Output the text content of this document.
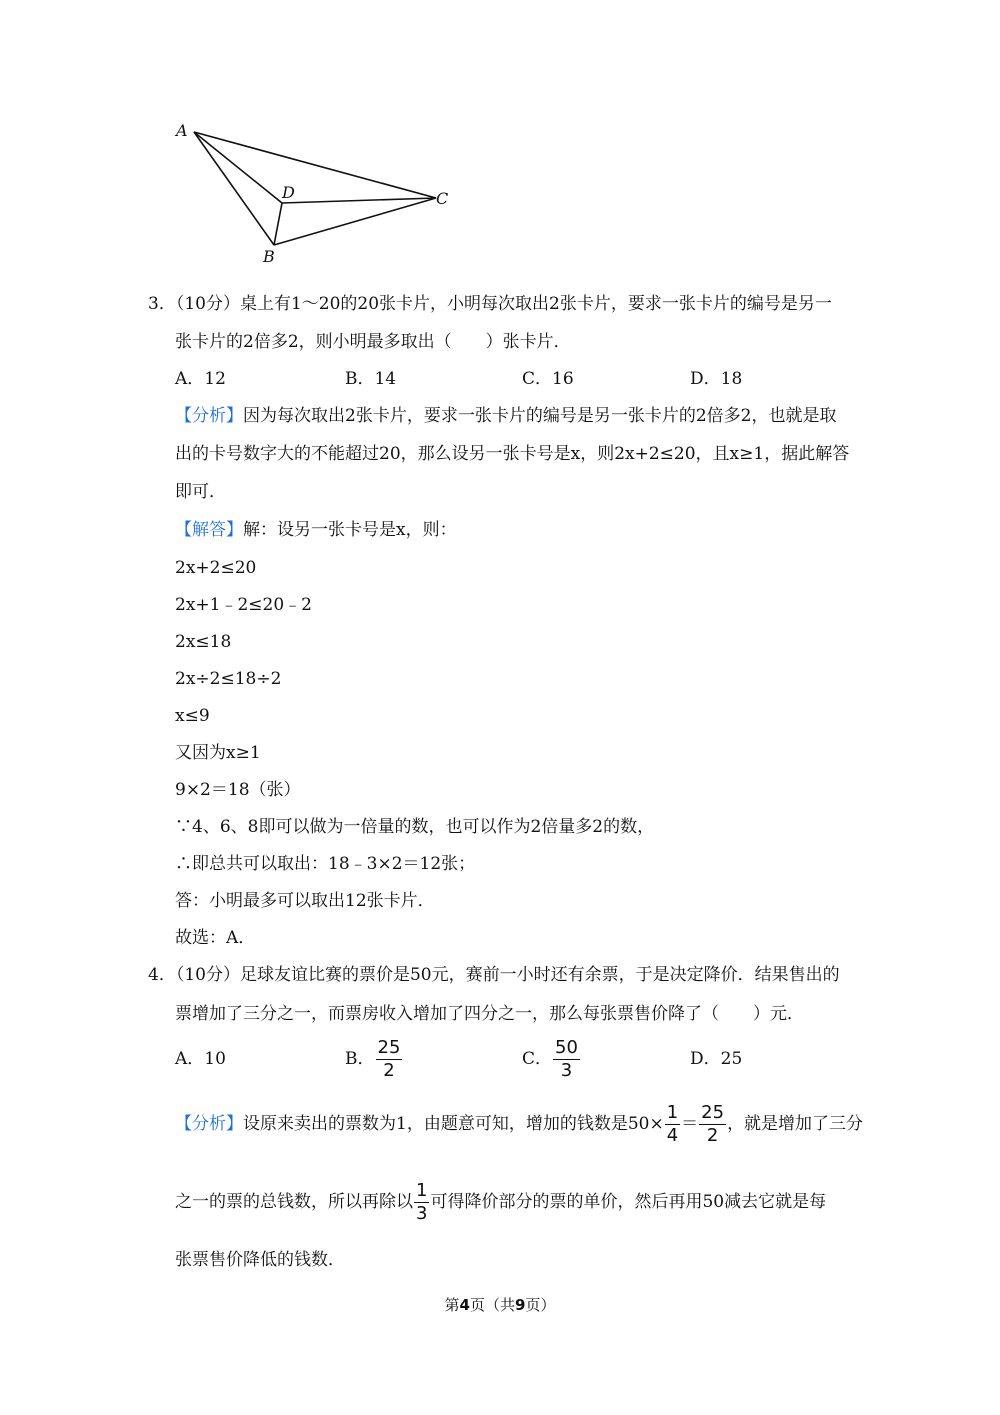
A
B
C
D
3．（10分）桌上有1～20的20张卡片，小明每次取出2张卡片，要求一张卡片的编号是另一
张卡片的2倍多2，则小明最多取出（　　）张卡片．
A．12	B．14	C．16	D．18
【分析】因为每次取出2张卡片，要求一张卡片的编号是另一张卡片的2倍多2，也就是取
出的卡号数字大的不能超过20，那么设另一张卡号是x，则2x+2≤20，且x≥1，据此解答
即可．
【解答】解：设另一张卡号是x，则：
2x+2≤20
2x+1﹣2≤20﹣2
2x≤18
2x÷2≤18÷2
x≤9
又因为x≥1
9×2＝18（张）
∵4、6、8即可以做为一倍量的数，也可以作为2倍量多2的数，
∴即总共可以取出：18﹣3×2＝12张；
答：小明最多可以取出12张卡片．
故选：A．
4．（10分）足球友谊比赛的票价是50元，赛前一小时还有余票，于是决定降价．结果售出的
票增加了三分之一，而票房收入增加了四分之一，那么每张票售价降了（　　）元．
A．10	B． $\frac{25}{2}$	C． $\frac{50}{3}$	D．25
【分析】设原来卖出的票数为1，由题意可知，增加的钱数是$50\times \frac{1}{4} = \frac{25}{2}$ ，就是增加了三分
之一的票的总钱数，所以再除以 $\frac{1}{3}$ 可得降价部分的票的单价，然后再用50减去它就是每
张票售价降低的钱数．
第4页（共9页）
